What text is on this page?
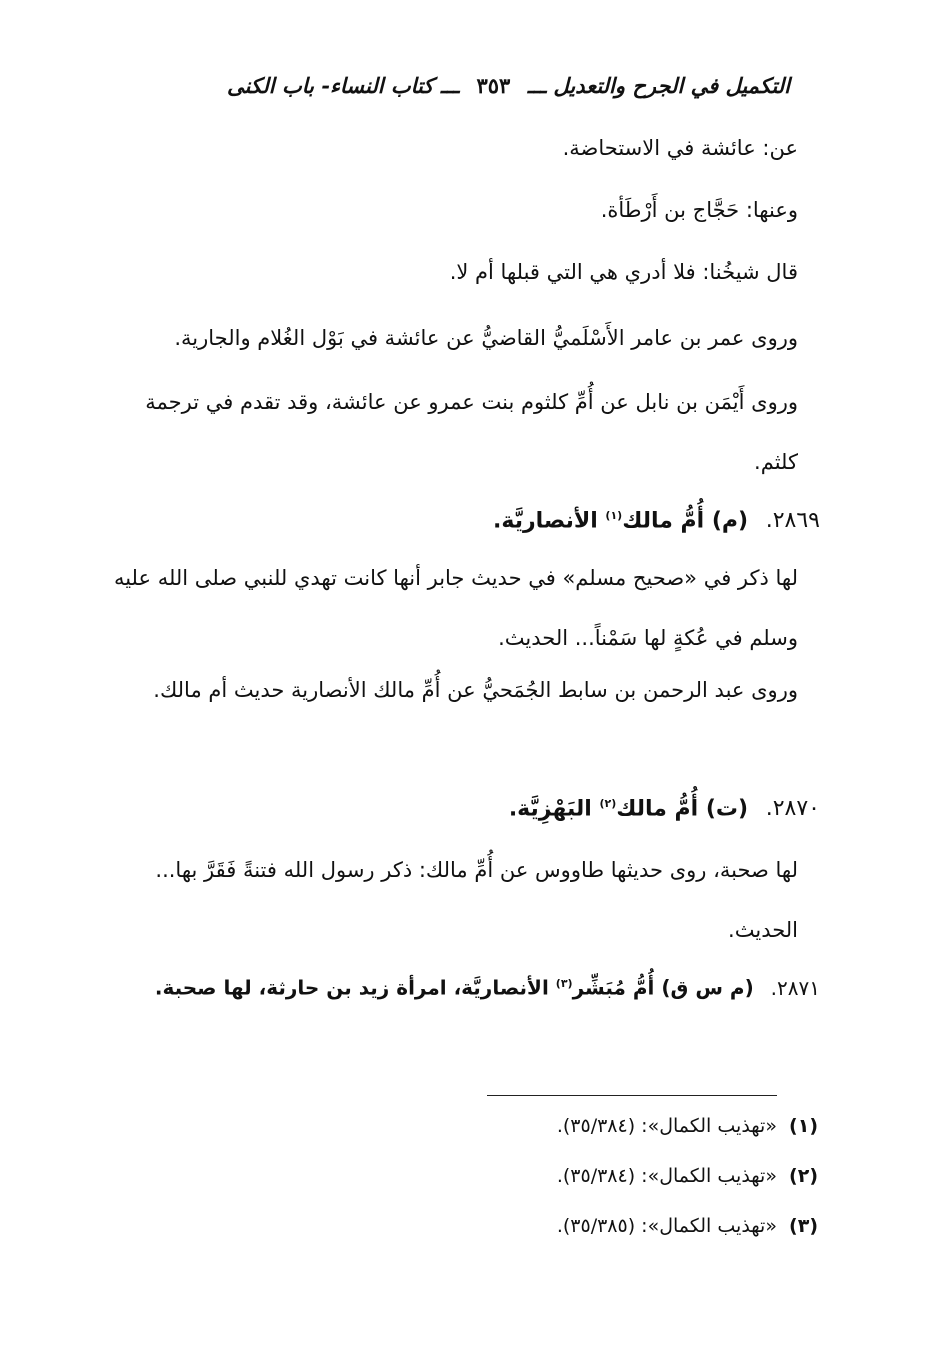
التكميل في الجرح والتعديل ـــ ٣٥٣ ـــ كتاب النساء- باب الكنى
عن: عائشة في الاستحاضة.
وعنها: حَجَّاج بن أَرْطَأة.
قال شيخُنا: فلا أدري هي التي قبلها أم لا.
وروى عمر بن عامر الأَسْلَميُّ القاضيُّ عن عائشة في بَوْل الغُلام والجارية.
وروى أَيْمَن بن نابل عن أُمِّ كلثوم بنت عمرو عن عائشة، وقد تقدم في ترجمة كلثم.
٢٨٦٩. (م) أُمُّ مالك$^{(١)}$ الأنصاريَّة.
لها ذكر في «صحيح مسلم» في حديث جابر أنها كانت تهدي للنبي صلى الله عليه وسلم في عُكةٍ لها سَمْناً... الحديث.
وروى عبد الرحمن بن سابط الجُمَحيُّ عن أُمِّ مالك الأنصارية حديث أم مالك.
٢٨٧٠. (ت) أُمُّ مالك$^{(٢)}$ البَهْزِيَّة.
لها صحبة، روى حديثها طاووس عن أُمِّ مالك: ذكر رسول الله فتنةً فَقَرَّ بها... الحديث.
٢٨٧١. (م س ق) أُمُّ مُبَشِّر$^{(٣)}$ الأنصاريَّة، امرأة زيد بن حارثة، لها صحبة.
(١) «تهذيب الكمال»: (٣٥/٣٨٤).
(٢) «تهذيب الكمال»: (٣٥/٣٨٤).
(٣) «تهذيب الكمال»: (٣٥/٣٨٥).
